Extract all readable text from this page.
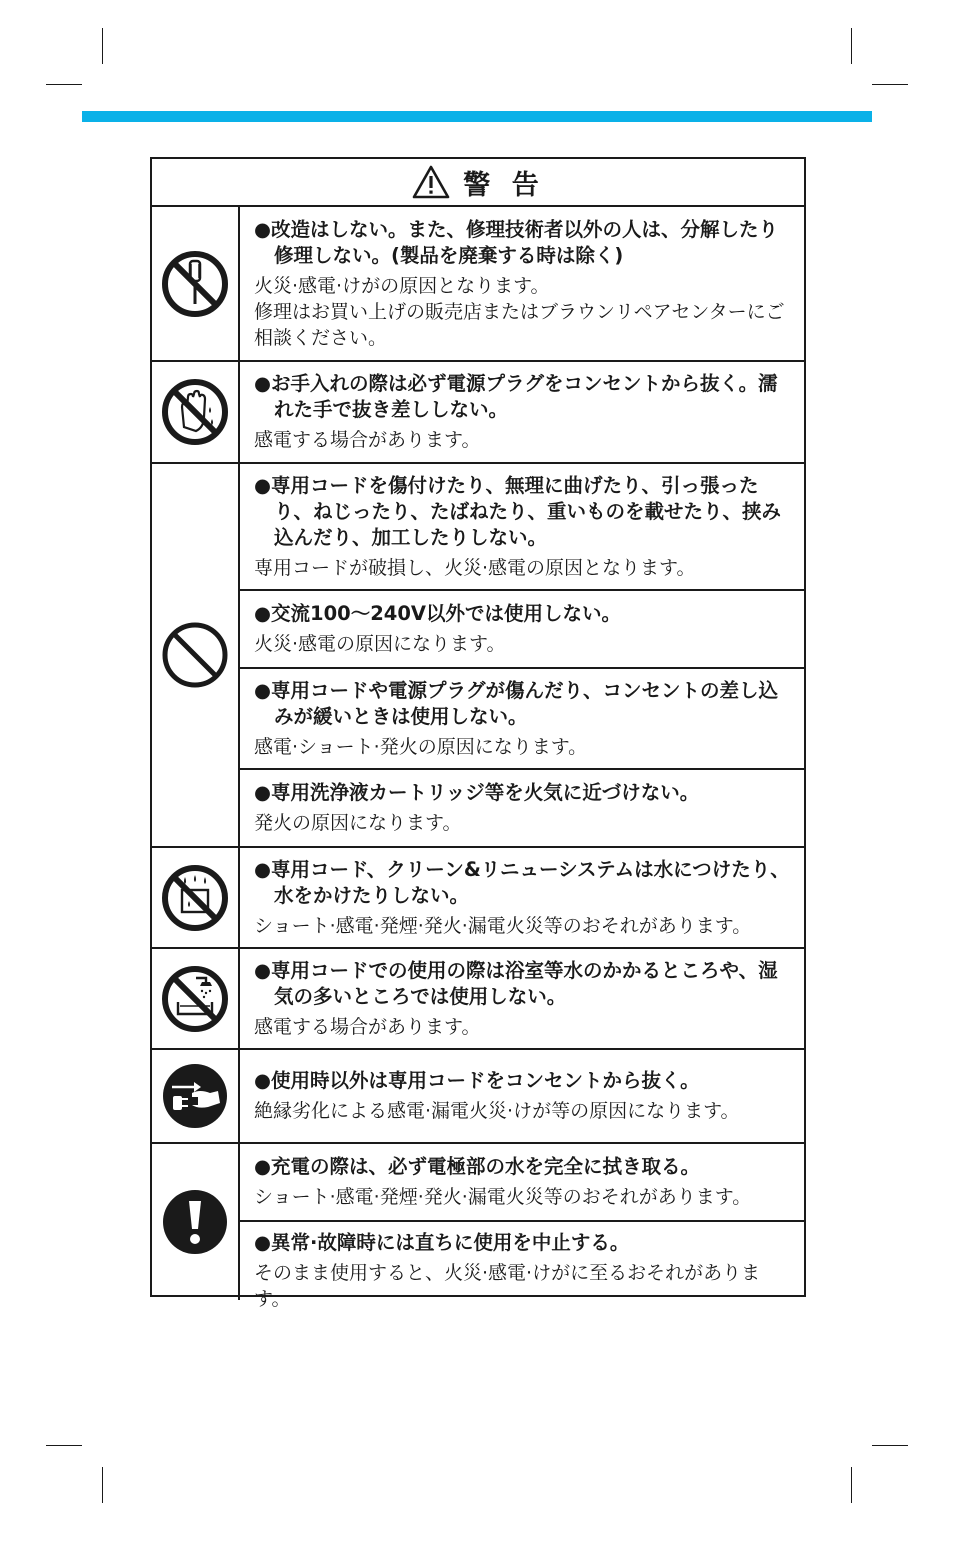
警 告

●改造はしない。また、修理技術者以外の人は、分解したり修理しない。(製品を廃棄する時は除く)

火災·感電·けがの原因となります。
修理はお買い上げの販売店またはブラウンリペアセンターにご相談ください。

●お手入れの際は必ず電源プラグをコンセントから抜く。濡れた手で抜き差ししない。

感電する場合があります。

●専用コードを傷付けたり、無理に曲げたり、引っ張ったり、ねじったり、たばねたり、重いものを載せたり、挟み込んだり、加工したりしない。

専用コードが破損し、火災·感電の原因となります。

●交流100〜240V以外では使用しない。

火災·感電の原因になります。

●専用コードや電源プラグが傷んだり、コンセントの差し込みが緩いときは使用しない。

感電·ショート·発火の原因になります。

●専用洗浄液カートリッジ等を火気に近づけない。

発火の原因になります。

●専用コード、クリーン&リニューシステムは水につけたり、水をかけたりしない。

ショート·感電·発煙·発火·漏電火災等のおそれがあります。

●専用コードでの使用の際は浴室等水のかかるところや、湿気の多いところでは使用しない。

感電する場合があります。

●使用時以外は専用コードをコンセントから抜く。

絶縁劣化による感電·漏電火災·けが等の原因になります。

●充電の際は、必ず電極部の水を完全に拭き取る。

ショート·感電·発煙·発火·漏電火災等のおそれがあります。

●異常·故障時には直ちに使用を中止する。

そのまま使用すると、火災·感電·けがに至るおそれがあります。
